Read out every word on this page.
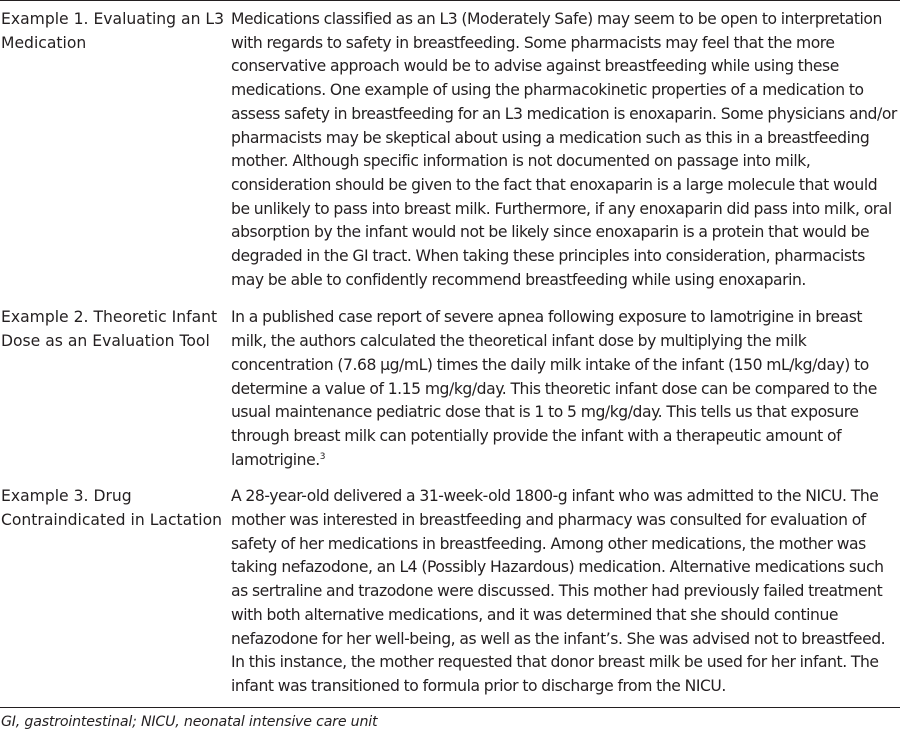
Example 1. Evaluating an L3
Medication
Medications classified as an L3 (Moderately Safe) may seem to be open to interpretation with regards to safety in breastfeeding. Some pharmacists may feel that the more conservative approach would be to advise against breastfeeding while using these medications. One example of using the pharmacokinetic properties of a medication to assess safety in breastfeeding for an L3 medication is enoxaparin. Some physicians and/or pharmacists may be skeptical about using a medication such as this in a breastfeeding mother. Although specific information is not documented on passage into milk, consideration should be given to the fact that enoxaparin is a large molecule that would be unlikely to pass into breast milk. Furthermore, if any enoxaparin did pass into milk, oral absorption by the infant would not be likely since enoxaparin is a protein that would be degraded in the GI tract. When taking these principles into consideration, pharmacists may be able to confidently recommend breastfeeding while using enoxaparin.
Example 2. Theoretic Infant
Dose as an Evaluation Tool
In a published case report of severe apnea following exposure to lamotrigine in breast milk, the authors calculated the theoretical infant dose by multiplying the milk concentration (7.68 µg/mL) times the daily milk intake of the infant (150 mL/kg/day) to determine a value of 1.15 mg/kg/day. This theoretic infant dose can be compared to the usual maintenance pediatric dose that is 1 to 5 mg/kg/day. This tells us that exposure through breast milk can potentially provide the infant with a therapeutic amount of lamotrigine.$^3$
Example 3. Drug
Contraindicated in Lactation
A 28-year-old delivered a 31-week-old 1800-g infant who was admitted to the NICU. The mother was interested in breastfeeding and pharmacy was consulted for evaluation of safety of her medications in breastfeeding. Among other medications, the mother was taking nefazodone, an L4 (Possibly Hazardous) medication. Alternative medications such as sertraline and trazodone were discussed. This mother had previously failed treatment with both alternative medications, and it was determined that she should continue nefazodone for her well-being, as well as the infant’s. She was advised not to breastfeed. In this instance, the mother requested that donor breast milk be used for her infant. The infant was transitioned to formula prior to discharge from the NICU.
GI, gastrointestinal; NICU, neonatal intensive care unit
